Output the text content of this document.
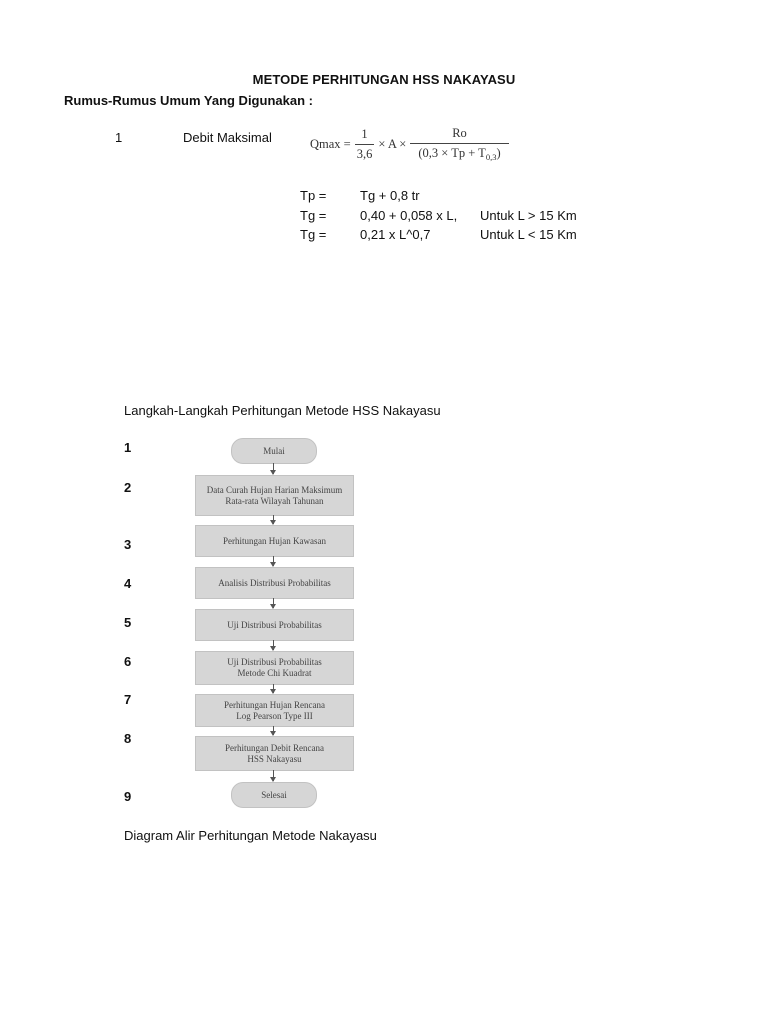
METODE PERHITUNGAN HSS NAKAYASU
Rumus-Rumus Umum Yang Digunakan :
1	Debit Maksimal	$Qmax = \frac{1}{3,6} \times A \times \frac{Ro}{(0,3 \times Tp + T_{0,3})}$
Tp =	Tg + 0,8 tr
Tg =	0,40 + 0,058 x L, Untuk L > 15 Km
Tg =	0,21 x L^0,7	Untuk L < 15 Km
Langkah-Langkah Perhitungan Metode HSS Nakayasu
1
2
3
4
5
6
7
8
9
Mulai
Data Curah Hujan Harian Maksimum
Rata-rata Wilayah Tahunan
Perhitungan Hujan Kawasan
Analisis Distribusi Probabilitas
Uji Distribusi Probabilitas
Uji Distribusi Probabilitas
Metode Chi Kuadrat
Perhitungan Hujan Rencana
Log Pearson Type III
Perhitungan Debit Rencana
HSS Nakayasu
Selesai
Diagram Alir Perhitungan Metode Nakayasu
